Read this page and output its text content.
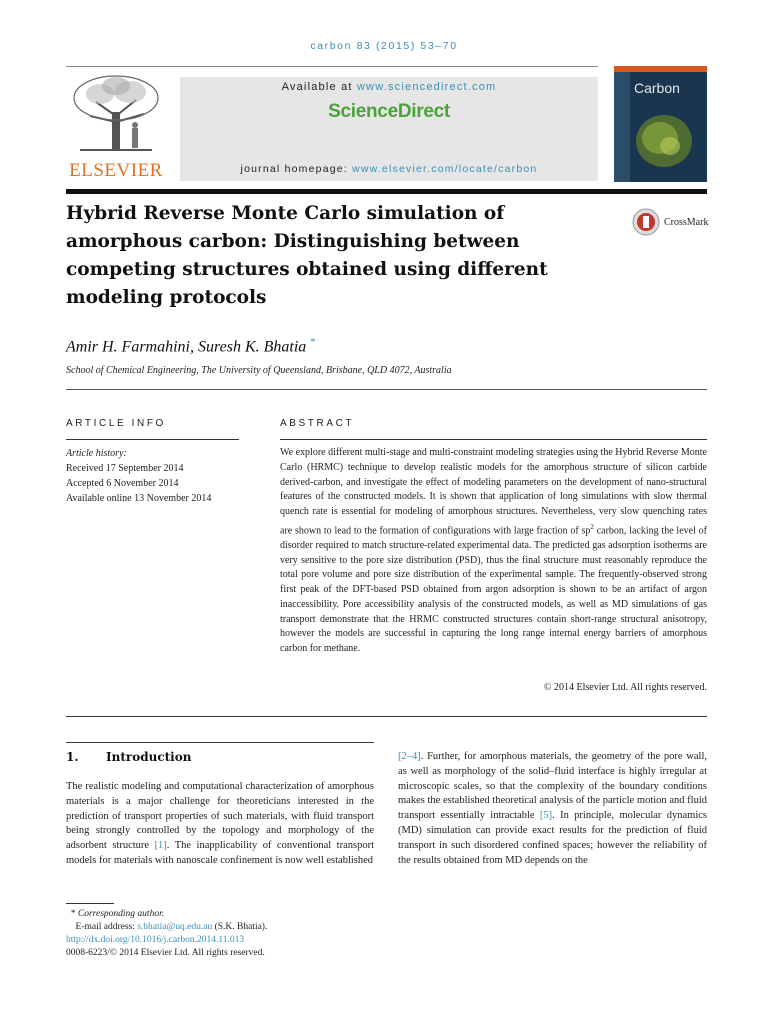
carbon 83 (2015) 53–70
ELSEVIER
Available at www.sciencedirect.com
ScienceDirect
journal homepage: www.elsevier.com/locate/carbon
Carbon
Hybrid Reverse Monte Carlo simulation of amorphous carbon: Distinguishing between competing structures obtained using different modeling protocols
CrossMark
Amir H. Farmahini, Suresh K. Bhatia *
School of Chemical Engineering, The University of Queensland, Brisbane, QLD 4072, Australia
ARTICLE INFO	ABSTRACT
Article history:
Received 17 September 2014
Accepted 6 November 2014
Available online 13 November 2014

We explore different multi-stage and multi-constraint modeling strategies using the Hybrid Reverse Monte Carlo (HRMC) technique to develop realistic models for the amorphous structure of silicon carbide derived-carbon, and investigate the effect of modeling parameters on the development of nano-structural features of the constructed models. It is shown that application of long simulations with slow thermal quench rate is essential for modeling of amorphous structures. Nevertheless, very slow quenching rates are shown to lead to the formation of configurations with large fraction of $sp^2$ carbon, lacking the level of disorder required to match structure-related experimental data. The predicted gas adsorption isotherms are very sensitive to the pore size distribution (PSD), thus the final structure must reasonably reproduce the total pore volume and pore size distribution of the experimental sample. The frequently-observed strong first peak of the DFT-based PSD obtained from argon adsorption is shown to be an artifact of argon inaccessibility. Pore accessibility analysis of the constructed models, as well as MD simulations of gas transport demonstrate that the HRMC constructed structures contain short-range structural anisotropy, however the models are successful in capturing the long range internal energy barriers of amorphous carbon for methane.

© 2014 Elsevier Ltd. All rights reserved.
1. Introduction

The realistic modeling and computational characterization of amorphous materials is a major challenge for theoreticians interested in the prediction of transport properties of such materials, with fluid transport being strongly controlled by the topology and morphology of the adsorbent structure [1]. The inapplicability of conventional transport models for materials with nanoscale confinement is now well established

[2–4]. Further, for amorphous materials, the geometry of the pore wall, as well as morphology of the solid–fluid interface is highly irregular at microscopic scales, so that the complexity of the boundary conditions makes the established theoretical analysis of the particle motion and fluid transport essentially intractable [5]. In principle, molecular dynamics (MD) simulation can provide exact results for the prediction of fluid transport in such disordered confined spaces; however the reliability of the results obtained from MD depends on the

* Corresponding author.
E-mail address: s.bhatia@uq.edu.au (S.K. Bhatia).
http://dx.doi.org/10.1016/j.carbon.2014.11.013
0008-6223/© 2014 Elsevier Ltd. All rights reserved.
